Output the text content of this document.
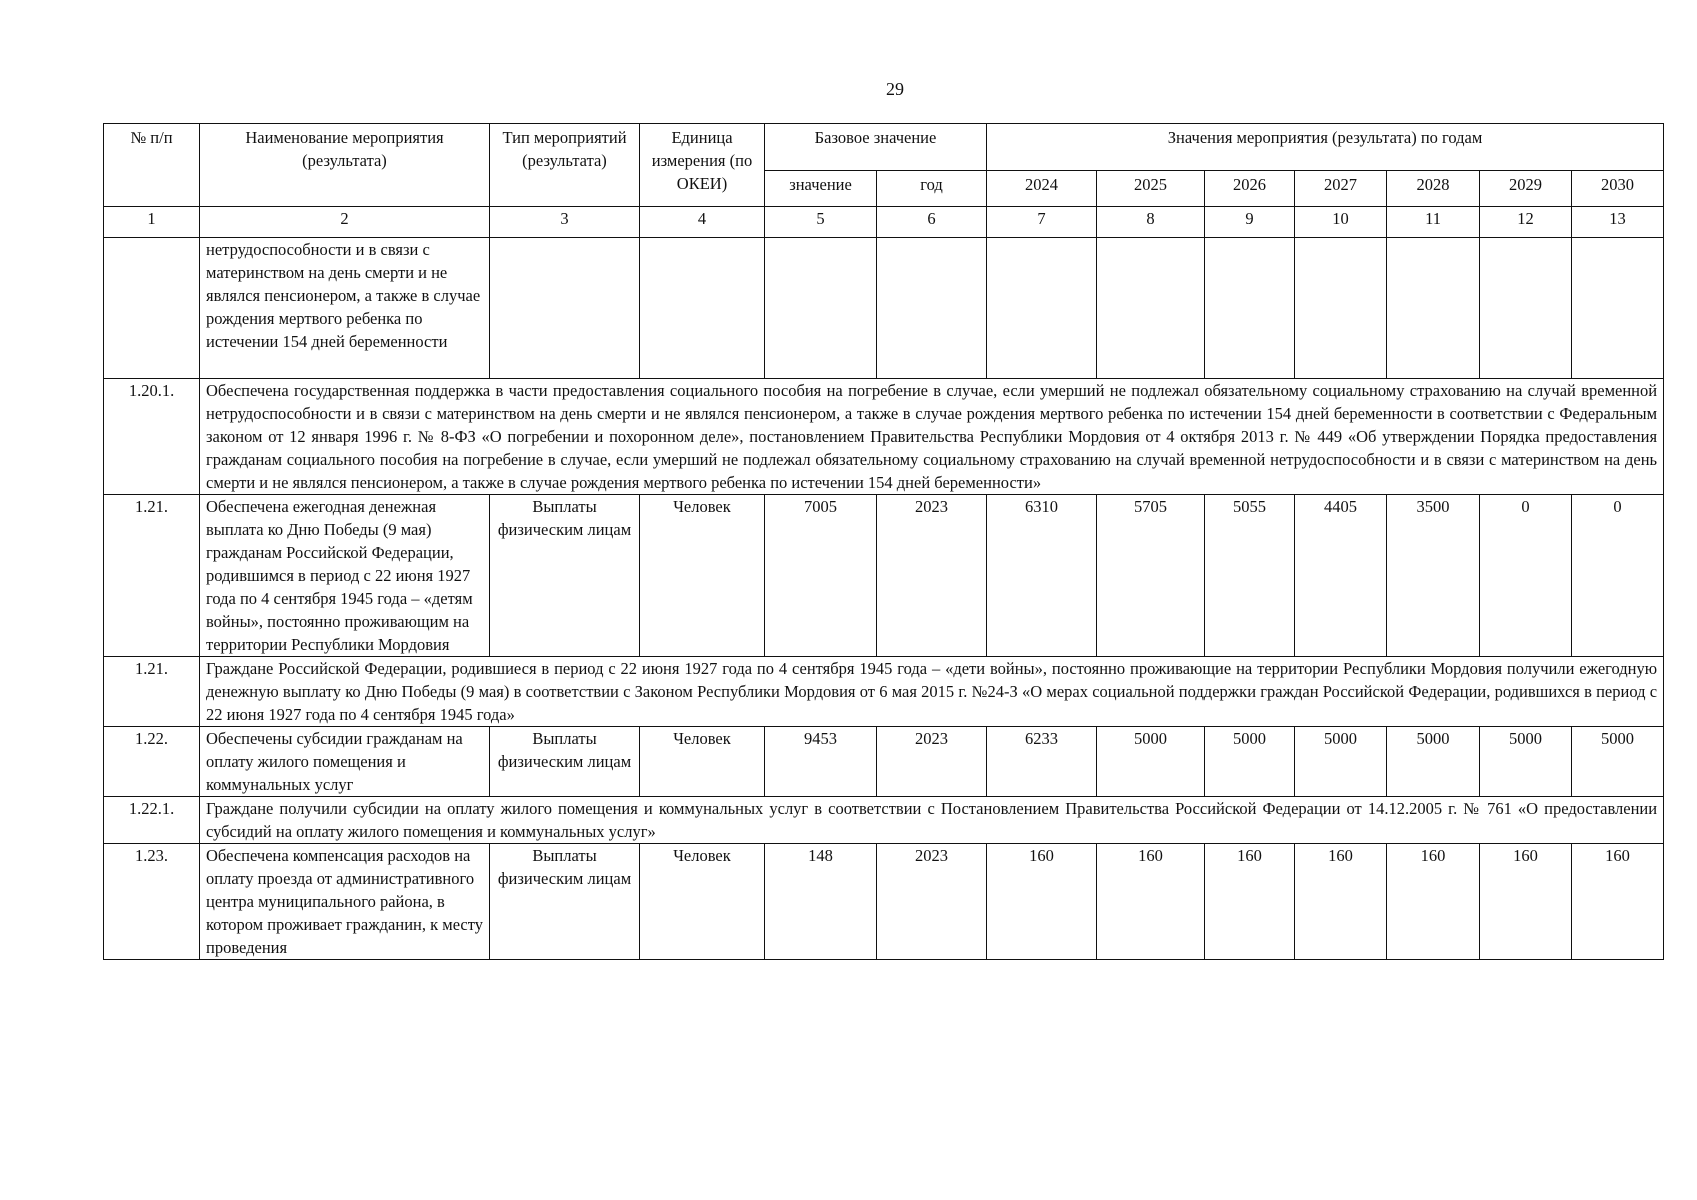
29
№ п/п	Наименование мероприятия (результата)	Тип мероприятий (результата)	Единица измерения (по ОКЕИ)	Базовое значение		Значения мероприятия (результата) по годам						
				значение	год	2024	2025	2026	2027	2028	2029	2030
1	2	3	4	5	6	7	8	9	10	11	12	13
	нетрудоспособности и в связи с материнством на день смерти и не являлся пенсионером, а также в случае рождения мертвого ребенка по истечении 154 дней беременности											
1.20.1.	Обеспечена государственная поддержка в части предоставления социального пособия на погребение в случае, если умерший не подлежал обязательному социальному страхованию на случай временной нетрудоспособности и в связи с материнством на день смерти и не являлся пенсионером, а также в случае рождения мертвого ребенка по истечении 154 дней беременности в соответствии с Федеральным законом от 12 января 1996 г. № 8-ФЗ «О погребении и похоронном деле», постановлением Правительства Республики Мордовия от 4 октября 2013 г. № 449 «Об утверждении Порядка предоставления гражданам социального пособия на погребение в случае, если умерший не подлежал обязательному социальному страхованию на случай временной нетрудоспособности и в связи с материнством на день смерти и не являлся пенсионером, а также в случае рождения мертвого ребенка по истечении 154 дней беременности»											
1.21.	Обеспечена ежегодная денежная выплата ко Дню Победы (9 мая) гражданам Российской Федерации, родившимся в период с 22 июня 1927 года по 4 сентября 1945 года – «детям войны», постоянно проживающим на территории Республики Мордовия	Выплаты физическим лицам	Человек	7005	2023	6310	5705	5055	4405	3500	0	0
1.21.	Граждане Российской Федерации, родившиеся в период с 22 июня 1927 года по 4 сентября 1945 года – «дети войны», постоянно проживающие на территории Республики Мордовия получили ежегодную денежную выплату ко Дню Победы (9 мая) в соответствии с Законом Республики Мордовия от 6 мая 2015 г. №24-З «О мерах социальной поддержки граждан Российской Федерации, родившихся в период с 22 июня 1927 года по 4 сентября 1945 года»											
1.22.	Обеспечены субсидии гражданам на оплату жилого помещения и коммунальных услуг	Выплаты физическим лицам	Человек	9453	2023	6233	5000	5000	5000	5000	5000	5000
1.22.1.	Граждане получили субсидии на оплату жилого помещения и коммунальных услуг в соответствии с Постановлением Правительства Российской Федерации от 14.12.2005 г. № 761 «О предоставлении субсидий на оплату жилого помещения и коммунальных услуг»											
1.23.	Обеспечена компенсация расходов на оплату проезда от административного центра муниципального района, в котором проживает гражданин, к месту проведения	Выплаты физическим лицам	Человек	148	2023	160	160	160	160	160	160	160
